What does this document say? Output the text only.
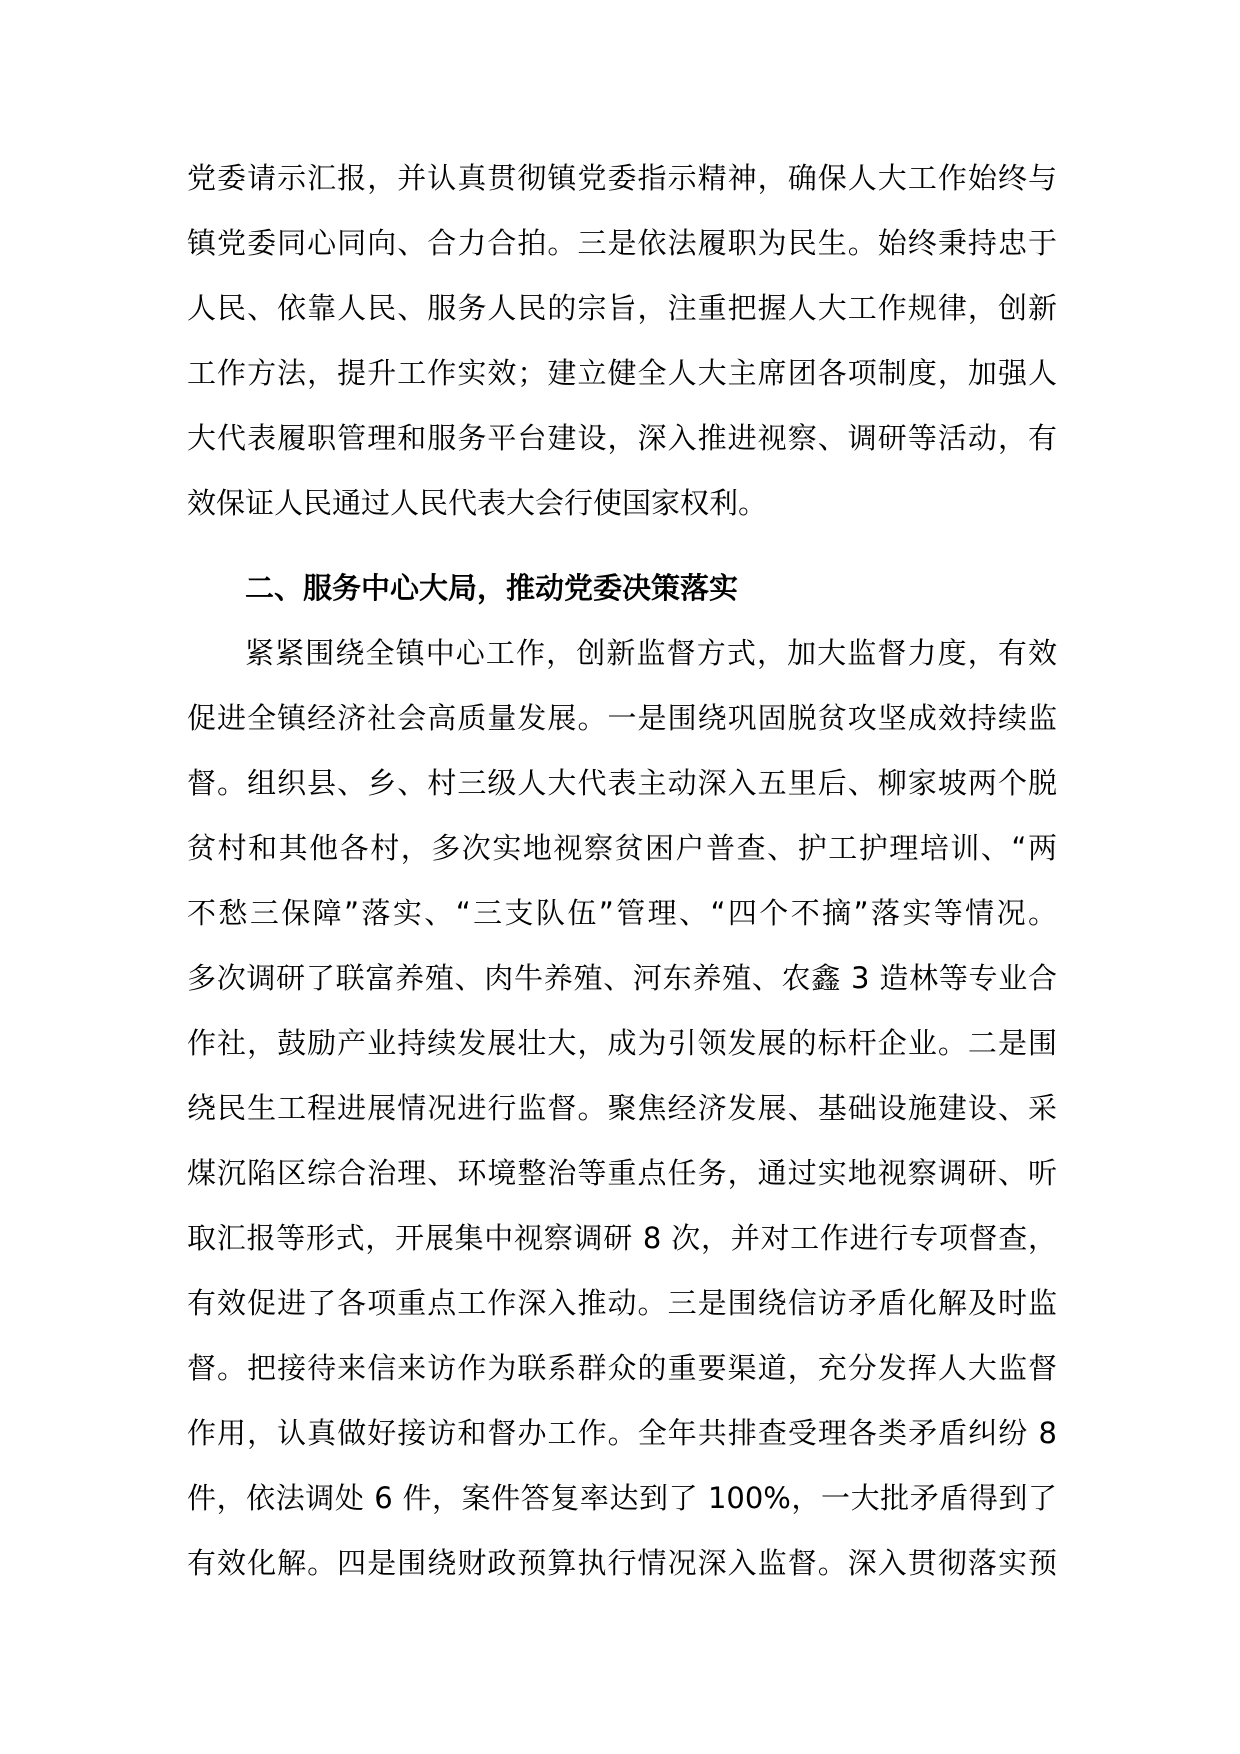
党委请示汇报，并认真贯彻镇党委指示精神，确保人大工作始终与
镇党委同心同向、合力合拍。三是依法履职为民生。始终秉持忠于
人民、依靠人民、服务人民的宗旨，注重把握人大工作规律，创新
工作方法，提升工作实效；建立健全人大主席团各项制度，加强人
大代表履职管理和服务平台建设，深入推进视察、调研等活动，有
效保证人民通过人民代表大会行使国家权利。
二、服务中心大局，推动党委决策落实
紧紧围绕全镇中心工作，创新监督方式，加大监督力度，有效
促进全镇经济社会高质量发展。一是围绕巩固脱贫攻坚成效持续监
督。组织县、乡、村三级人大代表主动深入五里后、柳家坡两个脱
贫村和其他各村，多次实地视察贫困户普查、护工护理培训、“两
不愁三保障”落实、“三支队伍”管理、“四个不摘”落实等情况。
多次调研了联富养殖、肉牛养殖、河东养殖、农鑫 3 造林等专业合
作社，鼓励产业持续发展壮大，成为引领发展的标杆企业。二是围
绕民生工程进展情况进行监督。聚焦经济发展、基础设施建设、采
煤沉陷区综合治理、环境整治等重点任务，通过实地视察调研、听
取汇报等形式，开展集中视察调研 8 次，并对工作进行专项督查，
有效促进了各项重点工作深入推动。三是围绕信访矛盾化解及时监
督。把接待来信来访作为联系群众的重要渠道，充分发挥人大监督
作用，认真做好接访和督办工作。全年共排查受理各类矛盾纠纷 8
件，依法调处 6 件，案件答复率达到了 100%，一大批矛盾得到了
有效化解。四是围绕财政预算执行情况深入监督。深入贯彻落实预
